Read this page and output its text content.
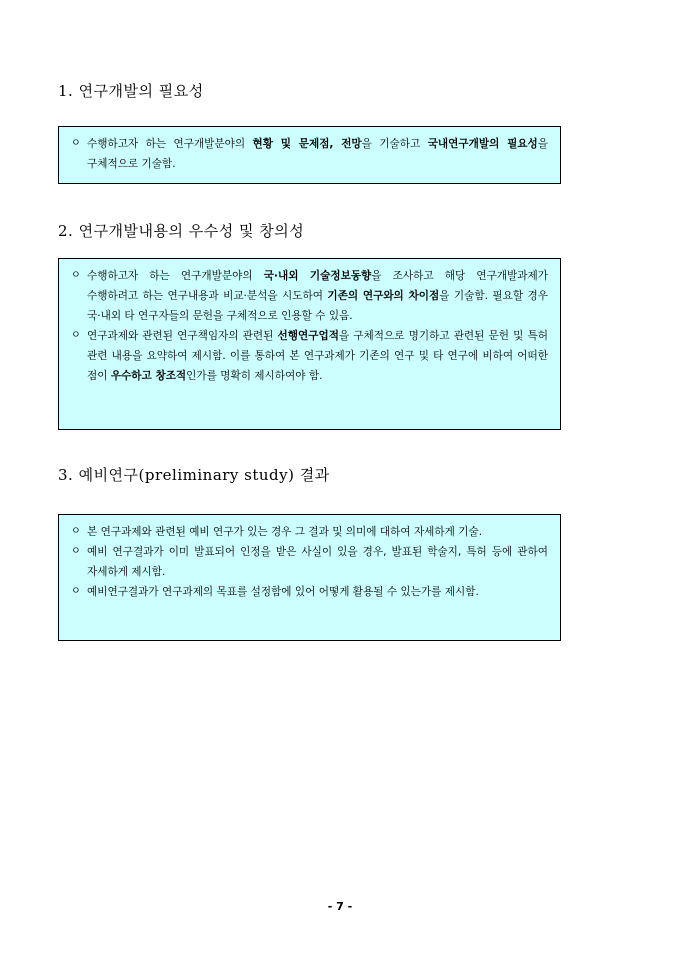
1. 연구개발의 필요성
ㅇ 수행하고자 하는 연구개발분야의 현황 및 문제점, 전망을 기술하고 국내연구개발의 필요성을 구체적으로 기술함.
2. 연구개발내용의 우수성 및 창의성
ㅇ 수행하고자 하는 연구개발분야의 국·내외 기술정보동향을 조사하고 해당 연구개발과제가 수행하려고 하는 연구내용과 비교·분석을 시도하여 기존의 연구와의 차이점을 기술함. 필요할 경우 국·내외 타 연구자들의 문헌을 구체적으로 인용할 수 있음.
ㅇ 연구과제와 관련된 연구책임자의 관련된 선행연구업적을 구체적으로 명기하고 관련된 문헌 및 특허 관련 내용을 요약하여 제시함. 이를 통하여 본 연구과제가 기존의 연구 및 타 연구에 비하여 어떠한 점이 우수하고 창조적인가를 명확히 제시하여야 함.
3. 예비연구(preliminary study) 결과
ㅇ 본 연구과제와 관련된 예비 연구가 있는 경우 그 결과 및 의미에 대하여 자세하게 기술.
ㅇ 예비 연구결과가 이미 발표되어 인정을 받은 사실이 있을 경우, 발표된 학술지, 특허 등에 관하여 자세하게 제시함.
ㅇ 예비연구결과가 연구과제의 목표를 설정함에 있어 어떻게 활용될 수 있는가를 제시함.
- 7 -
